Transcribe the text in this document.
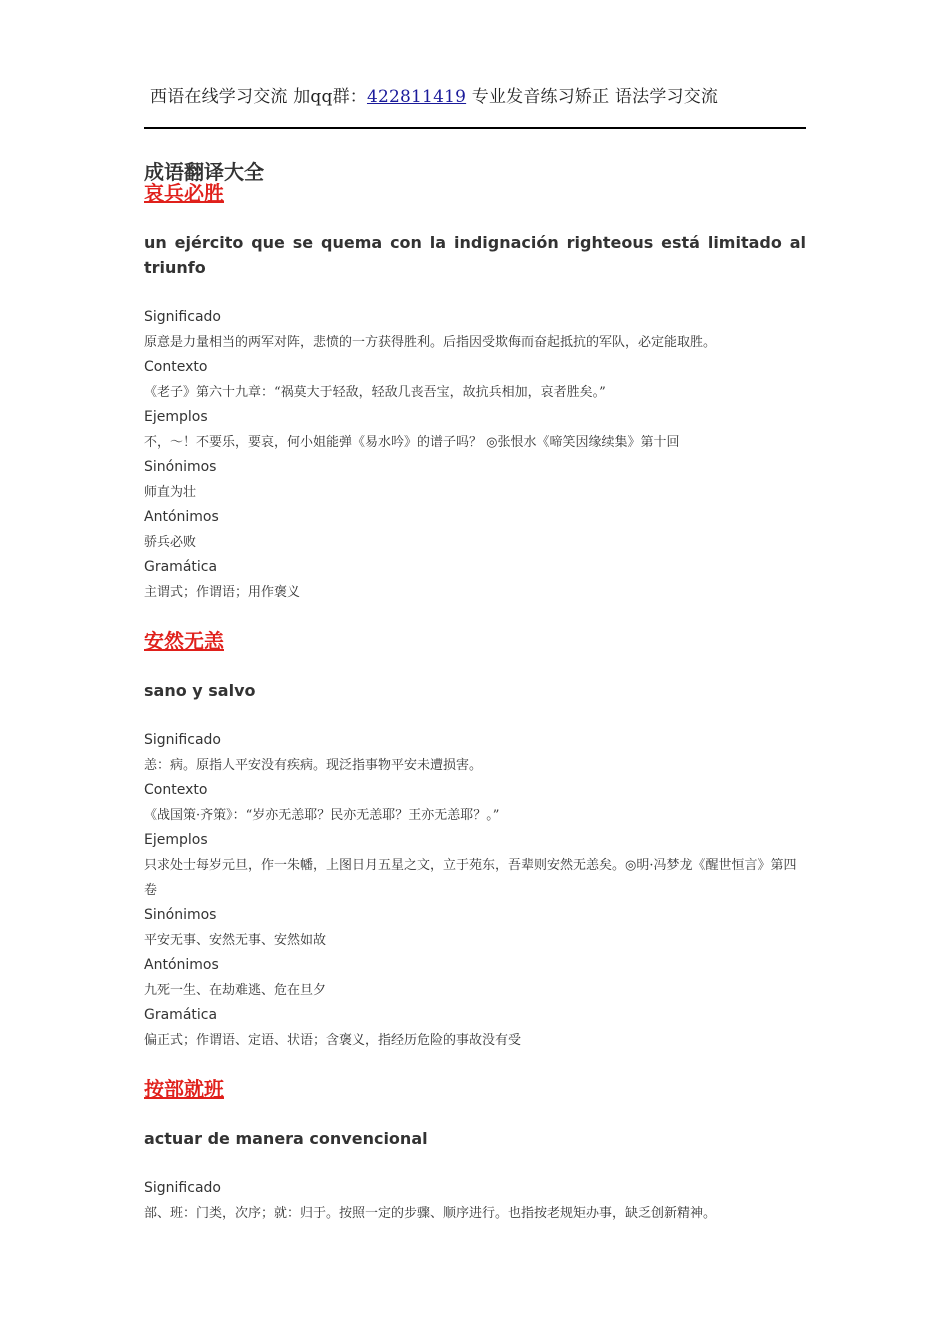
西语在线学习交流 加qq群：422811419 专业发音练习矫正 语法学习交流
成语翻译大全
哀兵必胜
un ejército que se quema con la indignación righteous está limitado al triunfo
Significado
原意是力量相当的两军对阵，悲愤的一方获得胜利。后指因受欺侮而奋起抵抗的军队，必定能取胜。
Contexto
《老子》第六十九章：“祸莫大于轻敌，轻敌几丧吾宝，故抗兵相加，哀者胜矣。”
Ejemplos
不，～！不要乐，要哀，何小姐能弹《易水吟》的谱子吗？ ◎张恨水《啼笑因缘续集》第十回
Sinónimos
师直为壮
Antónimos
骄兵必败
Gramática
主谓式；作谓语；用作褒义
安然无恙
sano y salvo
Significado
恙：病。原指人平安没有疾病。现泛指事物平安未遭损害。
Contexto
《战国策·齐策》：“岁亦无恙耶？民亦无恙耶？王亦无恙耶？。”
Ejemplos
只求处士每岁元旦，作一朱幡，上图日月五星之文，立于苑东，吾辈则安然无恙矣。◎明·冯梦龙《醒世恒言》第四卷
Sinónimos
平安无事、安然无事、安然如故
Antónimos
九死一生、在劫难逃、危在旦夕
Gramática
偏正式；作谓语、定语、状语；含褒义，指经历危险的事故没有受
按部就班
actuar de manera convencional
Significado
部、班：门类，次序；就：归于。按照一定的步骤、顺序进行。也指按老规矩办事，缺乏创新精神。
